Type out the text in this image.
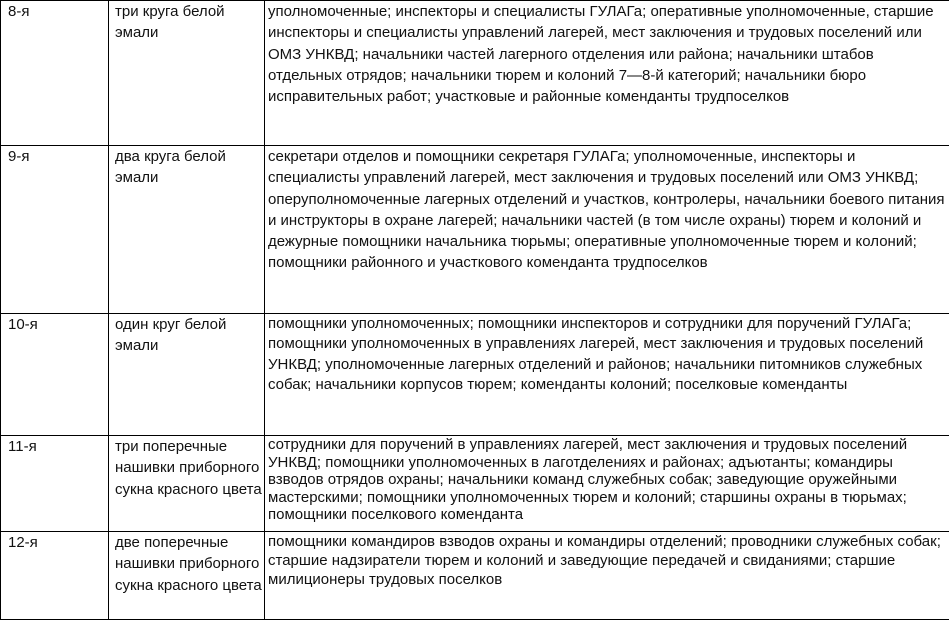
8-я	три круга белой эмали	уполномоченные; инспекторы и специалисты ГУЛАГа; оперативные уполномоченные, старшие инспекторы и специалисты управлений лагерей, мест заключения и трудовых поселений или ОМЗ УНКВД; начальники частей лагерного отделения или района; начальники штабов отдельных отрядов; начальники тюрем и колоний 7—8-й категорий; начальники бюро исправительных работ; участковые и районные коменданты трудпоселков

9-я	два круга белой эмали	секретари отделов и помощники секретаря ГУЛАГа; уполномоченные, инспекторы и специалисты управлений лагерей, мест заключения и трудовых поселений или ОМЗ УНКВД; оперуполномоченные лагерных отделений и участков, контролеры, начальники боевого питания и инструкторы в охране лагерей; начальники частей (в том числе охраны) тюрем и колоний и дежурные помощники начальника тюрьмы; оперативные уполномоченные тюрем и колоний; помощники районного и участкового коменданта трудпоселков

10-я	один круг белой эмали	помощники уполномоченных; помощники инспекторов и сотрудники для поручений ГУЛАГа; помощники уполномоченных в управлениях лагерей, мест заключения и трудовых поселений УНКВД; уполномоченные лагерных отделений и районов; начальники питомников служебных собак; начальники корпусов тюрем; коменданты колоний; поселковые коменданты

11-я	три поперечные нашивки приборного сукна красного цвета	сотрудники для поручений в управлениях лагерей, мест заключения и трудовых поселений УНКВД; помощники уполномоченных в лаготделениях и районах; адъютанты; командиры взводов отрядов охраны; начальники команд служебных собак; заведующие оружейными мастерскими; помощники уполномоченных тюрем и колоний; старшины охраны в тюрьмах; помощники поселкового коменданта

12-я	две поперечные нашивки приборного сукна красного цвета	помощники командиров взводов охраны и командиры отделений; проводники служебных собак; старшие надзиратели тюрем и колоний и заведующие передачей и свиданиями; старшие милиционеры трудовых поселков
